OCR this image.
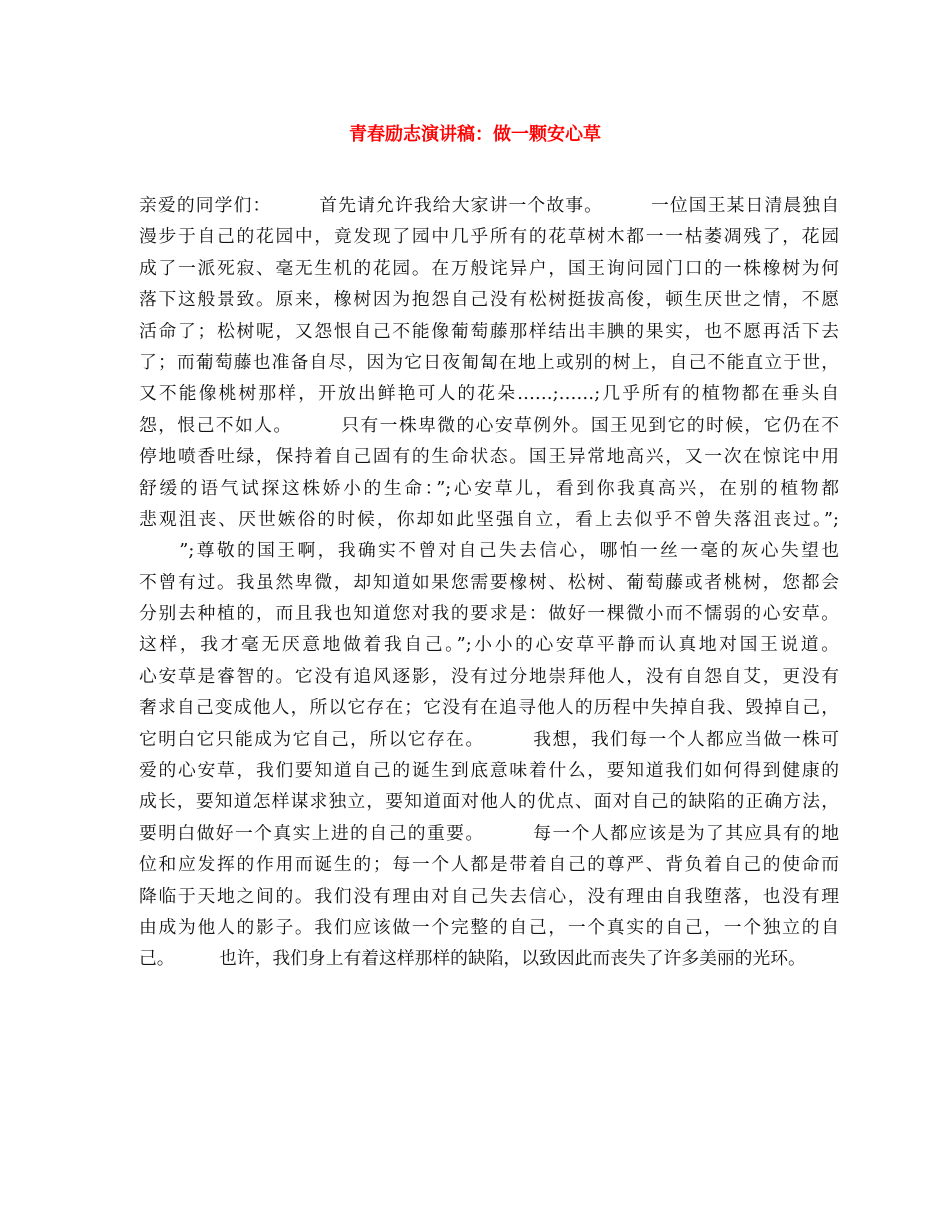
青春励志演讲稿：做一颗安心草
亲爱的同学们：　　　首先请允许我给大家讲一个故事。　　　一位国王某日清晨独自
漫步于自己的花园中，竟发现了园中几乎所有的花草树木都一一枯萎凋残了，花园
成了一派死寂、毫无生机的花园。在万般诧异户，国王询问园门口的一株橡树为何
落下这般景致。原来，橡树因为抱怨自己没有松树挺拔高俊，顿生厌世之情，不愿
活命了；松树呢，又怨恨自己不能像葡萄藤那样结出丰腆的果实，也不愿再活下去
了；而葡萄藤也准备自尽，因为它日夜匍匐在地上或别的树上，自己不能直立于世，
又不能像桃树那样，开放出鲜艳可人的花朵……;……;几乎所有的植物都在垂头自
怨，恨己不如人。　　　只有一株卑微的心安草例外。国王见到它的时候，它仍在不
停地喷香吐绿，保持着自己固有的生命状态。国王异常地高兴，又一次在惊诧中用
舒缓的语气试探这株娇小的生命：”;心安草儿，看到你我真高兴，在别的植物都
悲观沮丧、厌世嫉俗的时候，你却如此坚强自立，看上去似乎不曾失落沮丧过。”;
　　”;尊敬的国王啊，我确实不曾对自己失去信心，哪怕一丝一毫的灰心失望也
不曾有过。我虽然卑微，却知道如果您需要橡树、松树、葡萄藤或者桃树，您都会
分别去种植的，而且我也知道您对我的要求是：做好一棵微小而不懦弱的心安草。
这样，我才毫无厌意地做着我自己。”;小小的心安草平静而认真地对国王说道。
心安草是睿智的。它没有追风逐影，没有过分地崇拜他人，没有自怨自艾，更没有
奢求自己变成他人，所以它存在；它没有在追寻他人的历程中失掉自我、毁掉自己，
它明白它只能成为它自己，所以它存在。　　　我想，我们每一个人都应当做一株可
爱的心安草，我们要知道自己的诞生到底意味着什么，要知道我们如何得到健康的
成长，要知道怎样谋求独立，要知道面对他人的优点、面对自己的缺陷的正确方法，
要明白做好一个真实上进的自己的重要。　　　每一个人都应该是为了其应具有的地
位和应发挥的作用而诞生的；每一个人都是带着自己的尊严、背负着自己的使命而
降临于天地之间的。我们没有理由对自己失去信心，没有理由自我堕落，也没有理
由成为他人的影子。我们应该做一个完整的自己，一个真实的自己，一个独立的自
己。　　　也许，我们身上有着这样那样的缺陷，以致因此而丧失了许多美丽的光环。
